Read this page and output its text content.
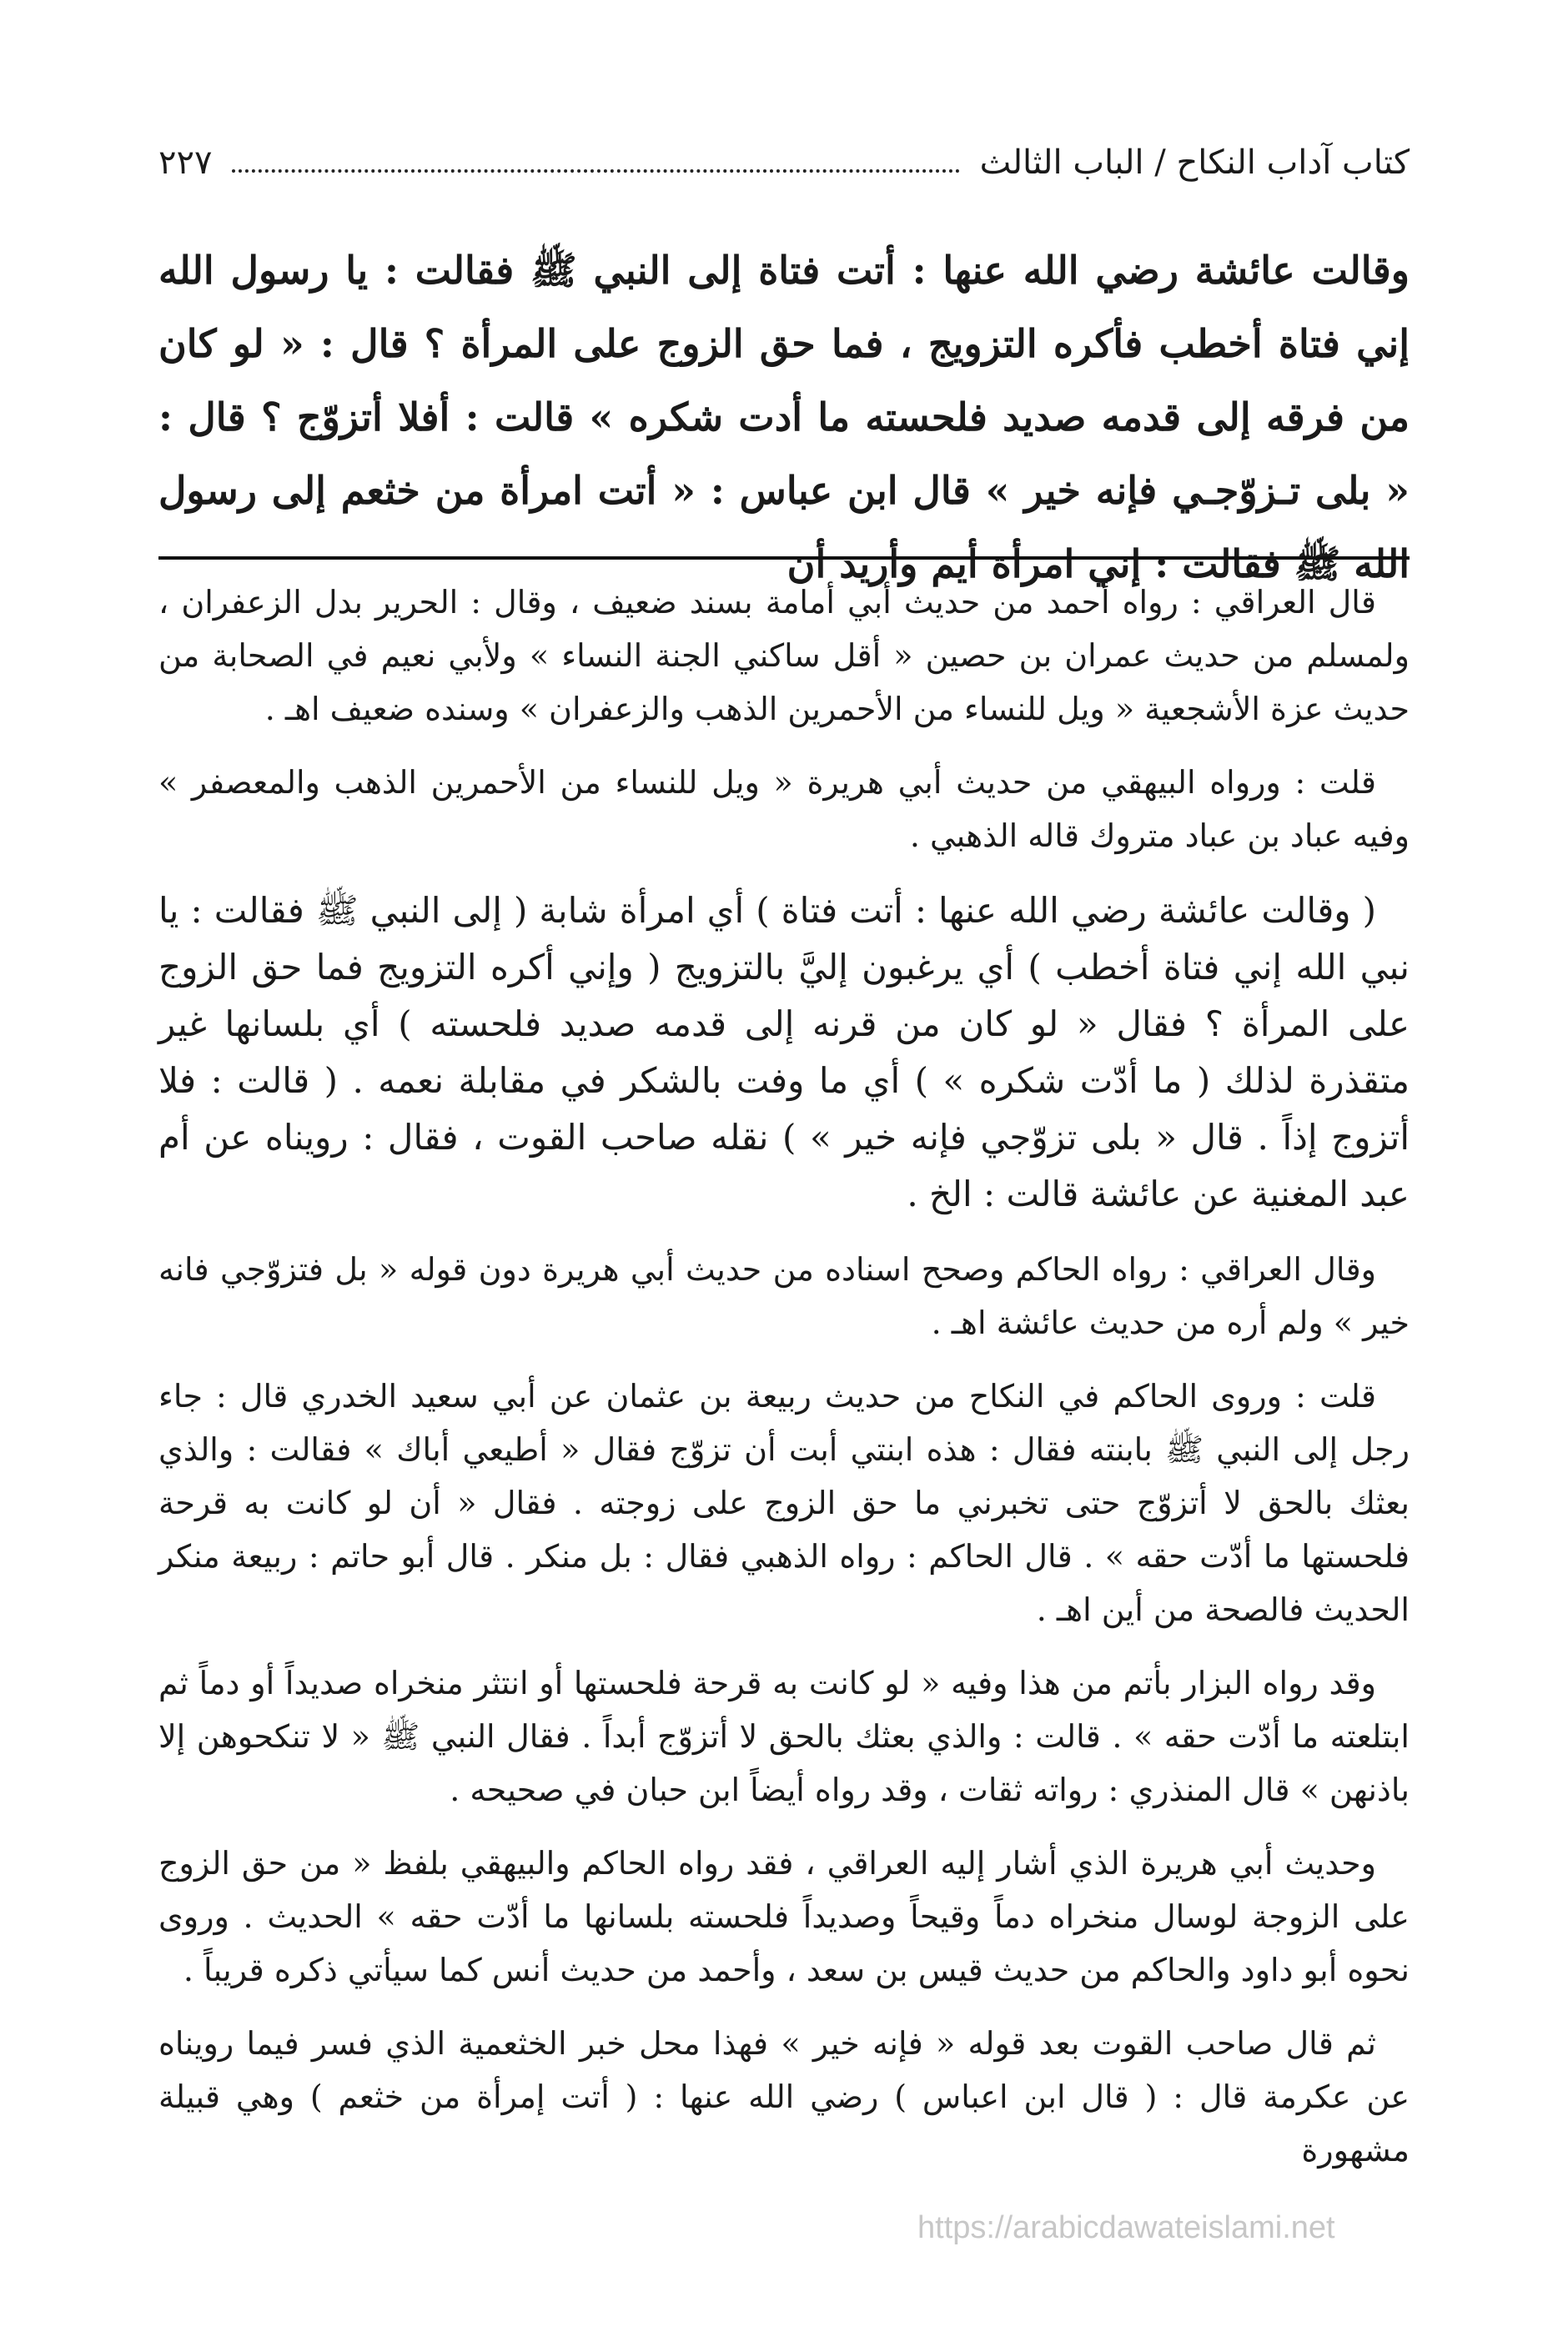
كتاب آداب النكاح / الباب الثالث
٢٢٧
وقالت عائشة رضي الله عنها : أتت فتاة إلى النبي ﷺ فقالت : يا رسول الله إني فتاة أخطب فأكره التزويج ، فما حق الزوج على المرأة ؟ قال : « لو كان من فرقه إلى قدمه صديد فلحسته ما أدت شكره » قالت : أفلا أتزوّج ؟ قال : « بلى تـزوّجـي فإنه خير » قال ابن عباس : « أتت امرأة من خثعم إلى رسول الله ﷺ فقالت : إني امرأة أيم وأريد أن

قال العراقي : رواه أحمد من حديث أبي أمامة بسند ضعيف ، وقال : الحرير بدل الزعفران ، ولمسلم من حديث عمران بن حصين « أقل ساكني الجنة النساء » ولأبي نعيم في الصحابة من حديث عزة الأشجعية « ويل للنساء من الأحمرين الذهب والزعفران » وسنده ضعيف اهـ .

قلت : ورواه البيهقي من حديث أبي هريرة « ويل للنساء من الأحمرين الذهب والمعصفر » وفيه عباد بن عباد متروك قاله الذهبي .

( وقالت عائشة رضي الله عنها : أتت فتاة ) أي امرأة شابة ( إلى النبي ﷺ فقالت : يا نبي الله إني فتاة أخطب ) أي يرغبون إليَّ بالتزويج ( وإني أكره التزويج فما حق الزوج على المرأة ؟ فقال « لو كان من قرنه إلى قدمه صديد فلحسته ) أي بلسانها غير متقذرة لذلك ( ما أدّت شكره » ) أي ما وفت بالشكر في مقابلة نعمه . ( قالت : فلا أتزوج إذاً . قال « بلى تزوّجي فإنه خير » ) نقله صاحب القوت ، فقال : رويناه عن أم عبد المغنية عن عائشة قالت : الخ .

وقال العراقي : رواه الحاكم وصحح اسناده من حديث أبي هريرة دون قوله « بل فتزوّجي فانه خير » ولم أره من حديث عائشة اهـ .

قلت : وروى الحاكم في النكاح من حديث ربيعة بن عثمان عن أبي سعيد الخدري قال : جاء رجل إلى النبي ﷺ بابنته فقال : هذه ابنتي أبت أن تزوّج فقال « أطيعي أباك » فقالت : والذي بعثك بالحق لا أتزوّج حتى تخبرني ما حق الزوج على زوجته . فقال « أن لو كانت به قرحة فلحستها ما أدّت حقه » . قال الحاكم : رواه الذهبي فقال : بل منكر . قال أبو حاتم : ربيعة منكر الحديث فالصحة من أين اهـ .

وقد رواه البزار بأتم من هذا وفيه « لو كانت به قرحة فلحستها أو انتثر منخراه صديداً أو دماً ثم ابتلعته ما أدّت حقه » . قالت : والذي بعثك بالحق لا أتزوّج أبداً . فقال النبي ﷺ « لا تنكحوهن إلا باذنهن » قال المنذري : رواته ثقات ، وقد رواه أيضاً ابن حبان في صحيحه .

وحديث أبي هريرة الذي أشار إليه العراقي ، فقد رواه الحاكم والبيهقي بلفظ « من حق الزوج على الزوجة لوسال منخراه دماً وقيحاً وصديداً فلحسته بلسانها ما أدّت حقه » الحديث . وروى نحوه أبو داود والحاكم من حديث قيس بن سعد ، وأحمد من حديث أنس كما سيأتي ذكره قريباً .

ثم قال صاحب القوت بعد قوله « فإنه خير » فهذا محل خبر الخثعمية الذي فسر فيما رويناه عن عكرمة قال : ( قال ابن اعباس ) رضي الله عنها : ( أتت إمرأة من خثعم ) وهي قبيلة مشهورة

https://arabicdawateislami.net
